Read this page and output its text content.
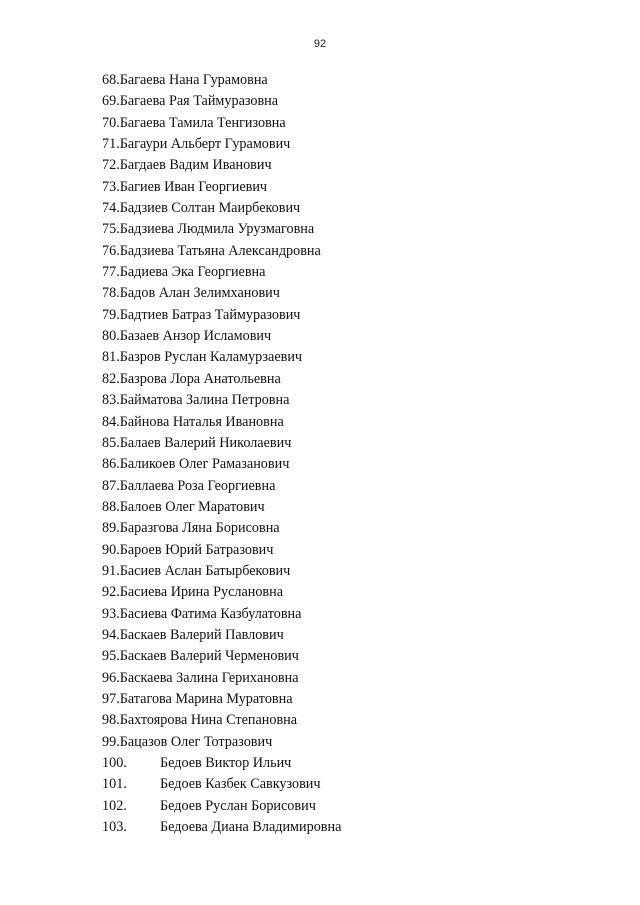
92
68. Багаева Нана Гурамовна
69. Багаева Рая Таймуразовна
70. Багаева Тамила Тенгизовна
71. Багаури Альберт Гурамович
72. Багдаев Вадим Иванович
73. Багиев Иван Георгиевич
74. Бадзиев Солтан Маирбекович
75. Бадзиева Людмила Урузмаговна
76. Бадзиева Татьяна Александровна
77. Бадиева Эка Георгиевна
78. Бадов Алан Зелимханович
79. Бадтиев Батраз Таймуразович
80. Базаев Анзор Исламович
81. Базров Руслан Каламурзаевич
82. Базрова Лора Анатольевна
83. Байматова Залина Петровна
84. Байнова Наталья Ивановна
85. Балаев Валерий Николаевич
86. Баликоев Олег Рамазанович
87. Баллаева Роза Георгиевна
88. Балоев Олег Маратович
89. Баразгова Ляна Борисовна
90. Бароев Юрий Батразович
91. Басиев Аслан Батырбекович
92. Басиева Ирина Руслановна
93. Басиева Фатима Казбулатовна
94. Баскаев Валерий Павлович
95. Баскаев Валерий Черменович
96. Баскаева Залина Гериxановна
97. Батагова Марина Муратовна
98. Бахтоярова Нина Степановна
99. Бацазов Олег Тотразович
100.	Бедоев Виктор Ильич
101.	Бедоев Казбек Савкузович
102.	Бедоев Руслан Борисович
103.	Бедоева Диана Владимировна
